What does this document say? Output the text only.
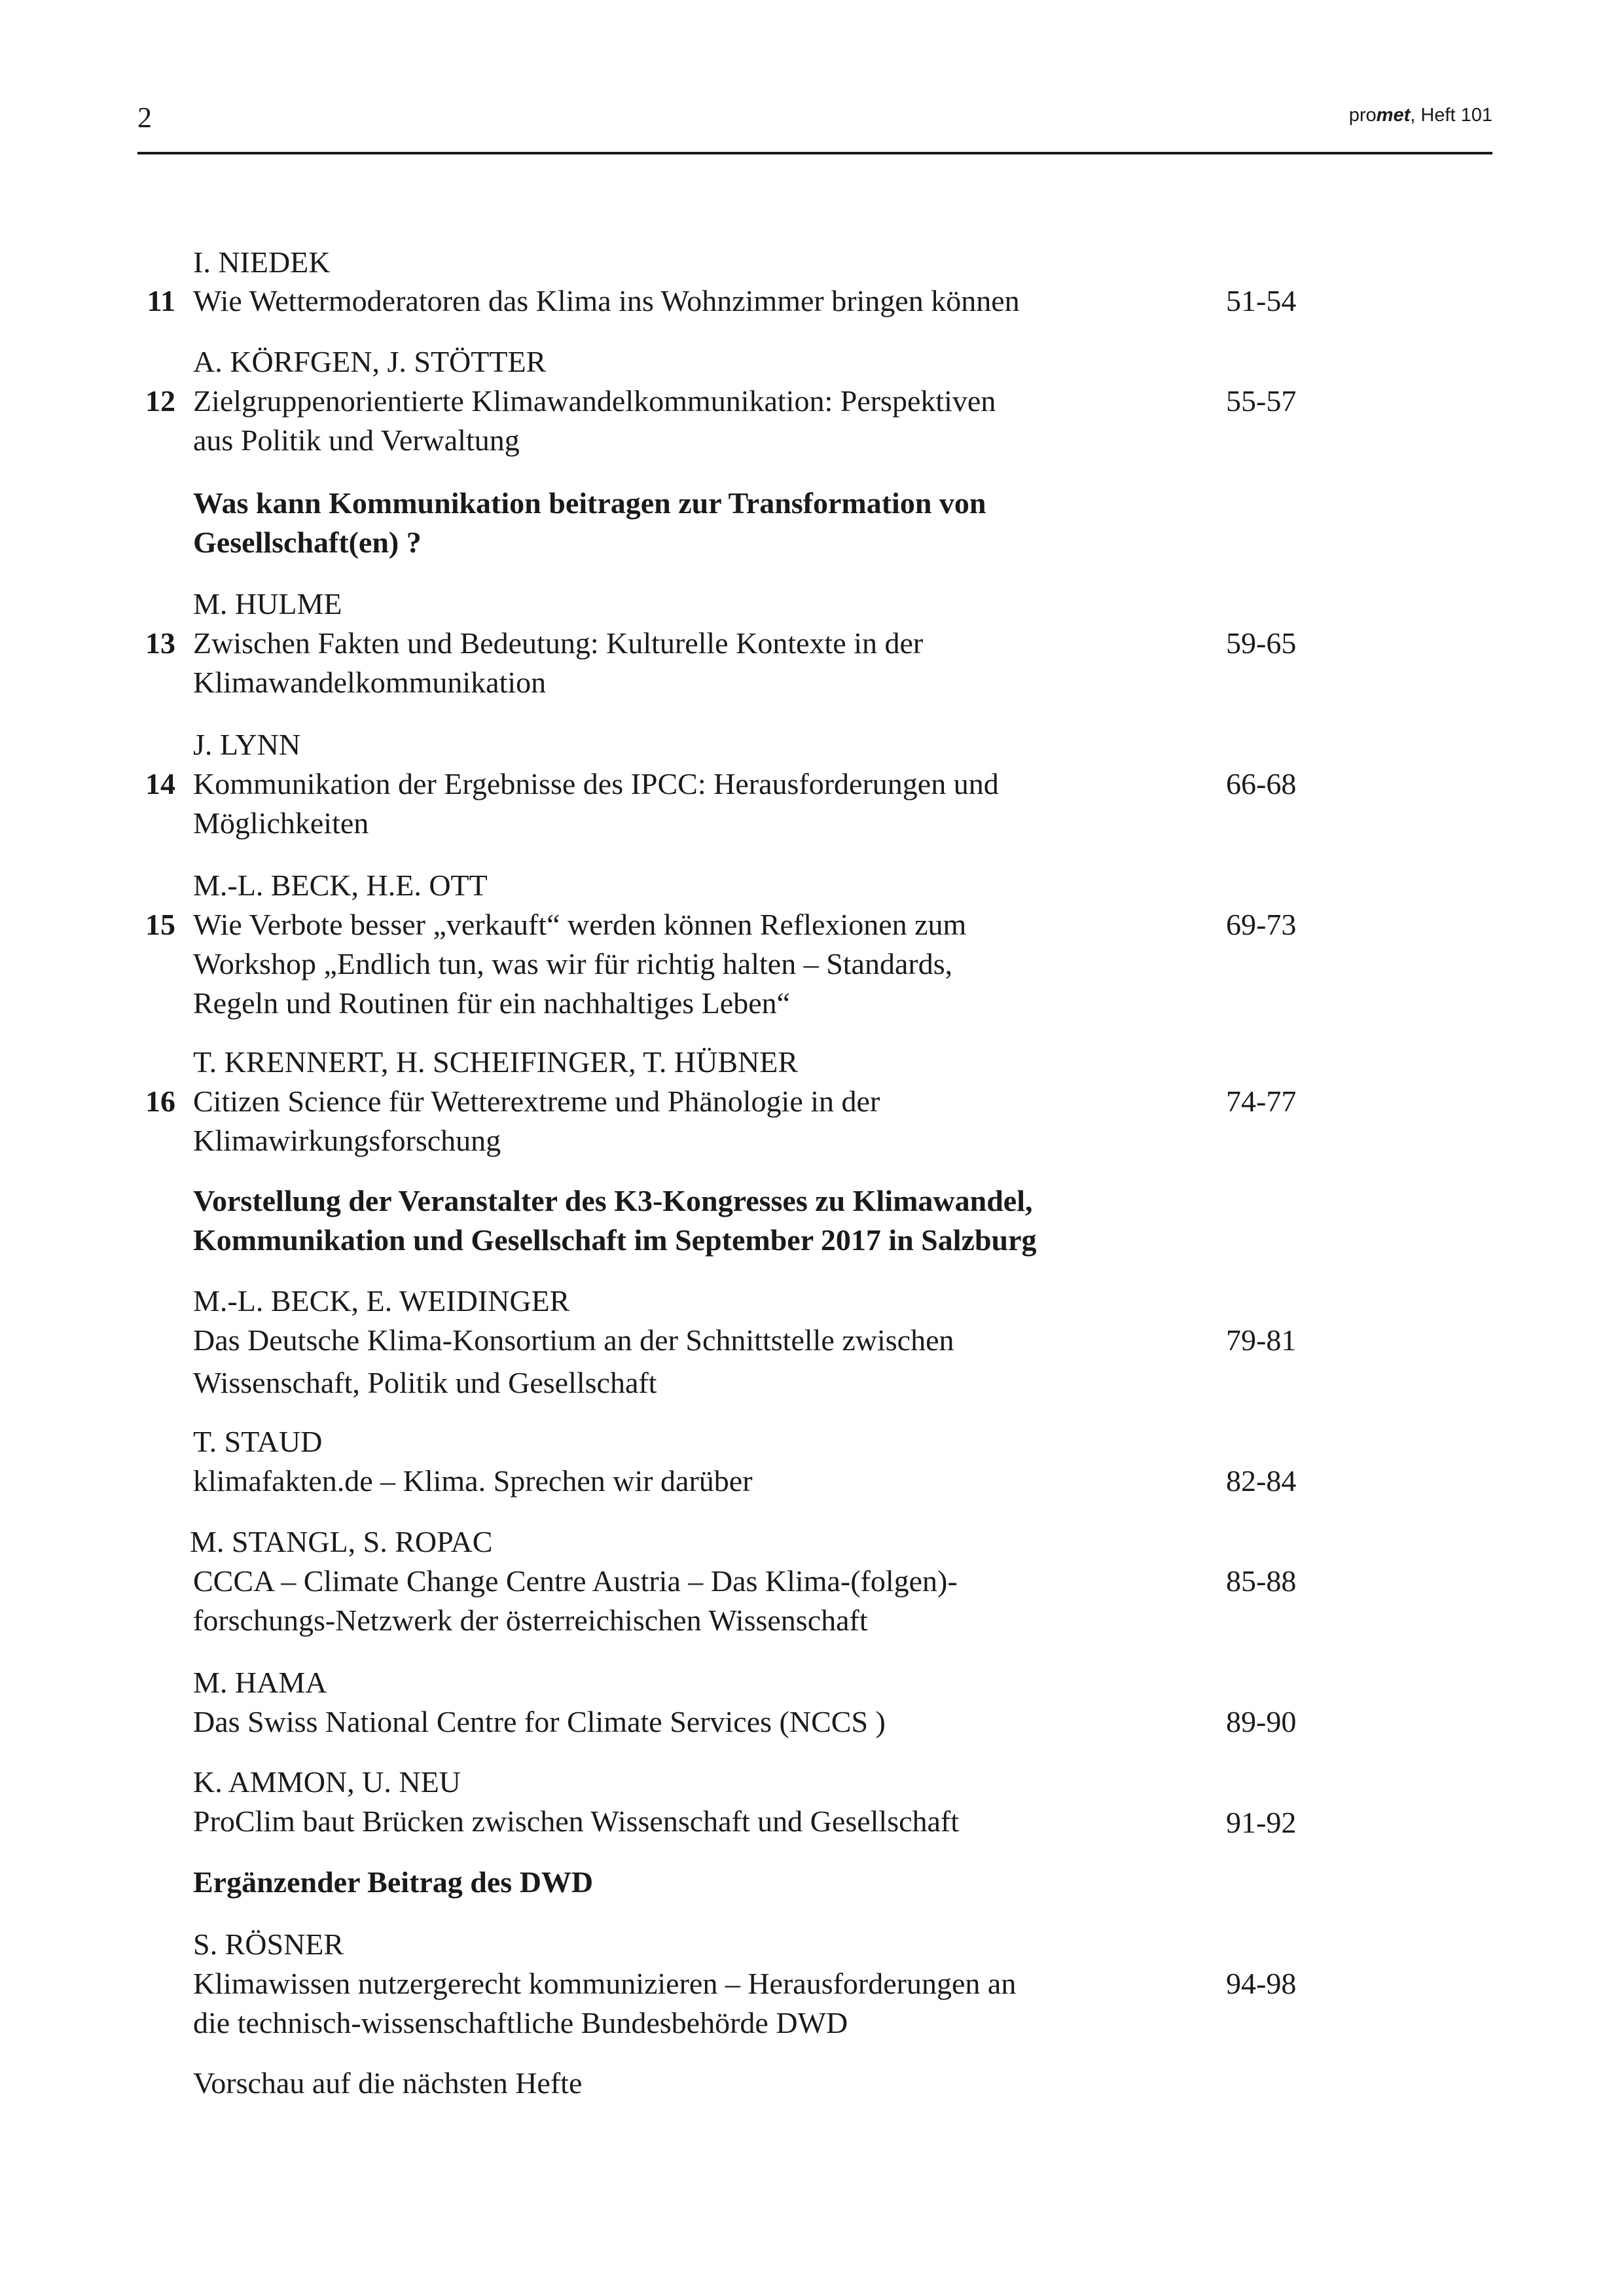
2	promet, Heft 101
I. NIEDEK
11 Wie Wettermoderatoren das Klima ins Wohnzimmer bringen können	51-54
A. KÖRFGEN, J. STÖTTER
12 Zielgruppenorientierte Klimawandelkommunikation: Perspektiven	55-57
aus Politik und Verwaltung
Was kann Kommunikation beitragen zur Transformation von
Gesellschaft(en) ?
M. HULME
13 Zwischen Fakten und Bedeutung: Kulturelle Kontexte in der	59-65
Klimawandelkommunikation
J. LYNN
14 Kommunikation der Ergebnisse des IPCC: Herausforderungen und	66-68
Möglichkeiten
M.-L. BECK, H.E. OTT
15 Wie Verbote besser „verkauft“ werden können Reflexionen zum	69-73
Workshop „Endlich tun, was wir für richtig halten – Standards,
Regeln und Routinen für ein nachhaltiges Leben“
T. KRENNERT, H. SCHEIFINGER, T. HÜBNER
16 Citizen Science für Wetterextreme und Phänologie in der	74-77
Klimawirkungsforschung
Vorstellung der Veranstalter des K3-Kongresses zu Klimawandel,
Kommunikation und Gesellschaft im September 2017 in Salzburg
M.-L. BECK, E. WEIDINGER
Das Deutsche Klima-Konsortium an der Schnittstelle zwischen	79-81
Wissenschaft, Politik und Gesellschaft
T. STAUD
klimafakten.de – Klima. Sprechen wir darüber	82-84
M. STANGL, S. ROPAC
CCCA – Climate Change Centre Austria – Das Klima-(folgen)-	85-88
forschungs-Netzwerk der österreichischen Wissenschaft
M. HAMA
Das Swiss National Centre for Climate Services (NCCS )	89-90
K. AMMON, U. NEU
ProClim baut Brücken zwischen Wissenschaft und Gesellschaft	91-92
Ergänzender Beitrag des DWD
S. RÖSNER
Klimawissen nutzergerecht kommunizieren – Herausforderungen an	94-98
die technisch-wissenschaftliche Bundesbehörde DWD
Vorschau auf die nächsten Hefte
